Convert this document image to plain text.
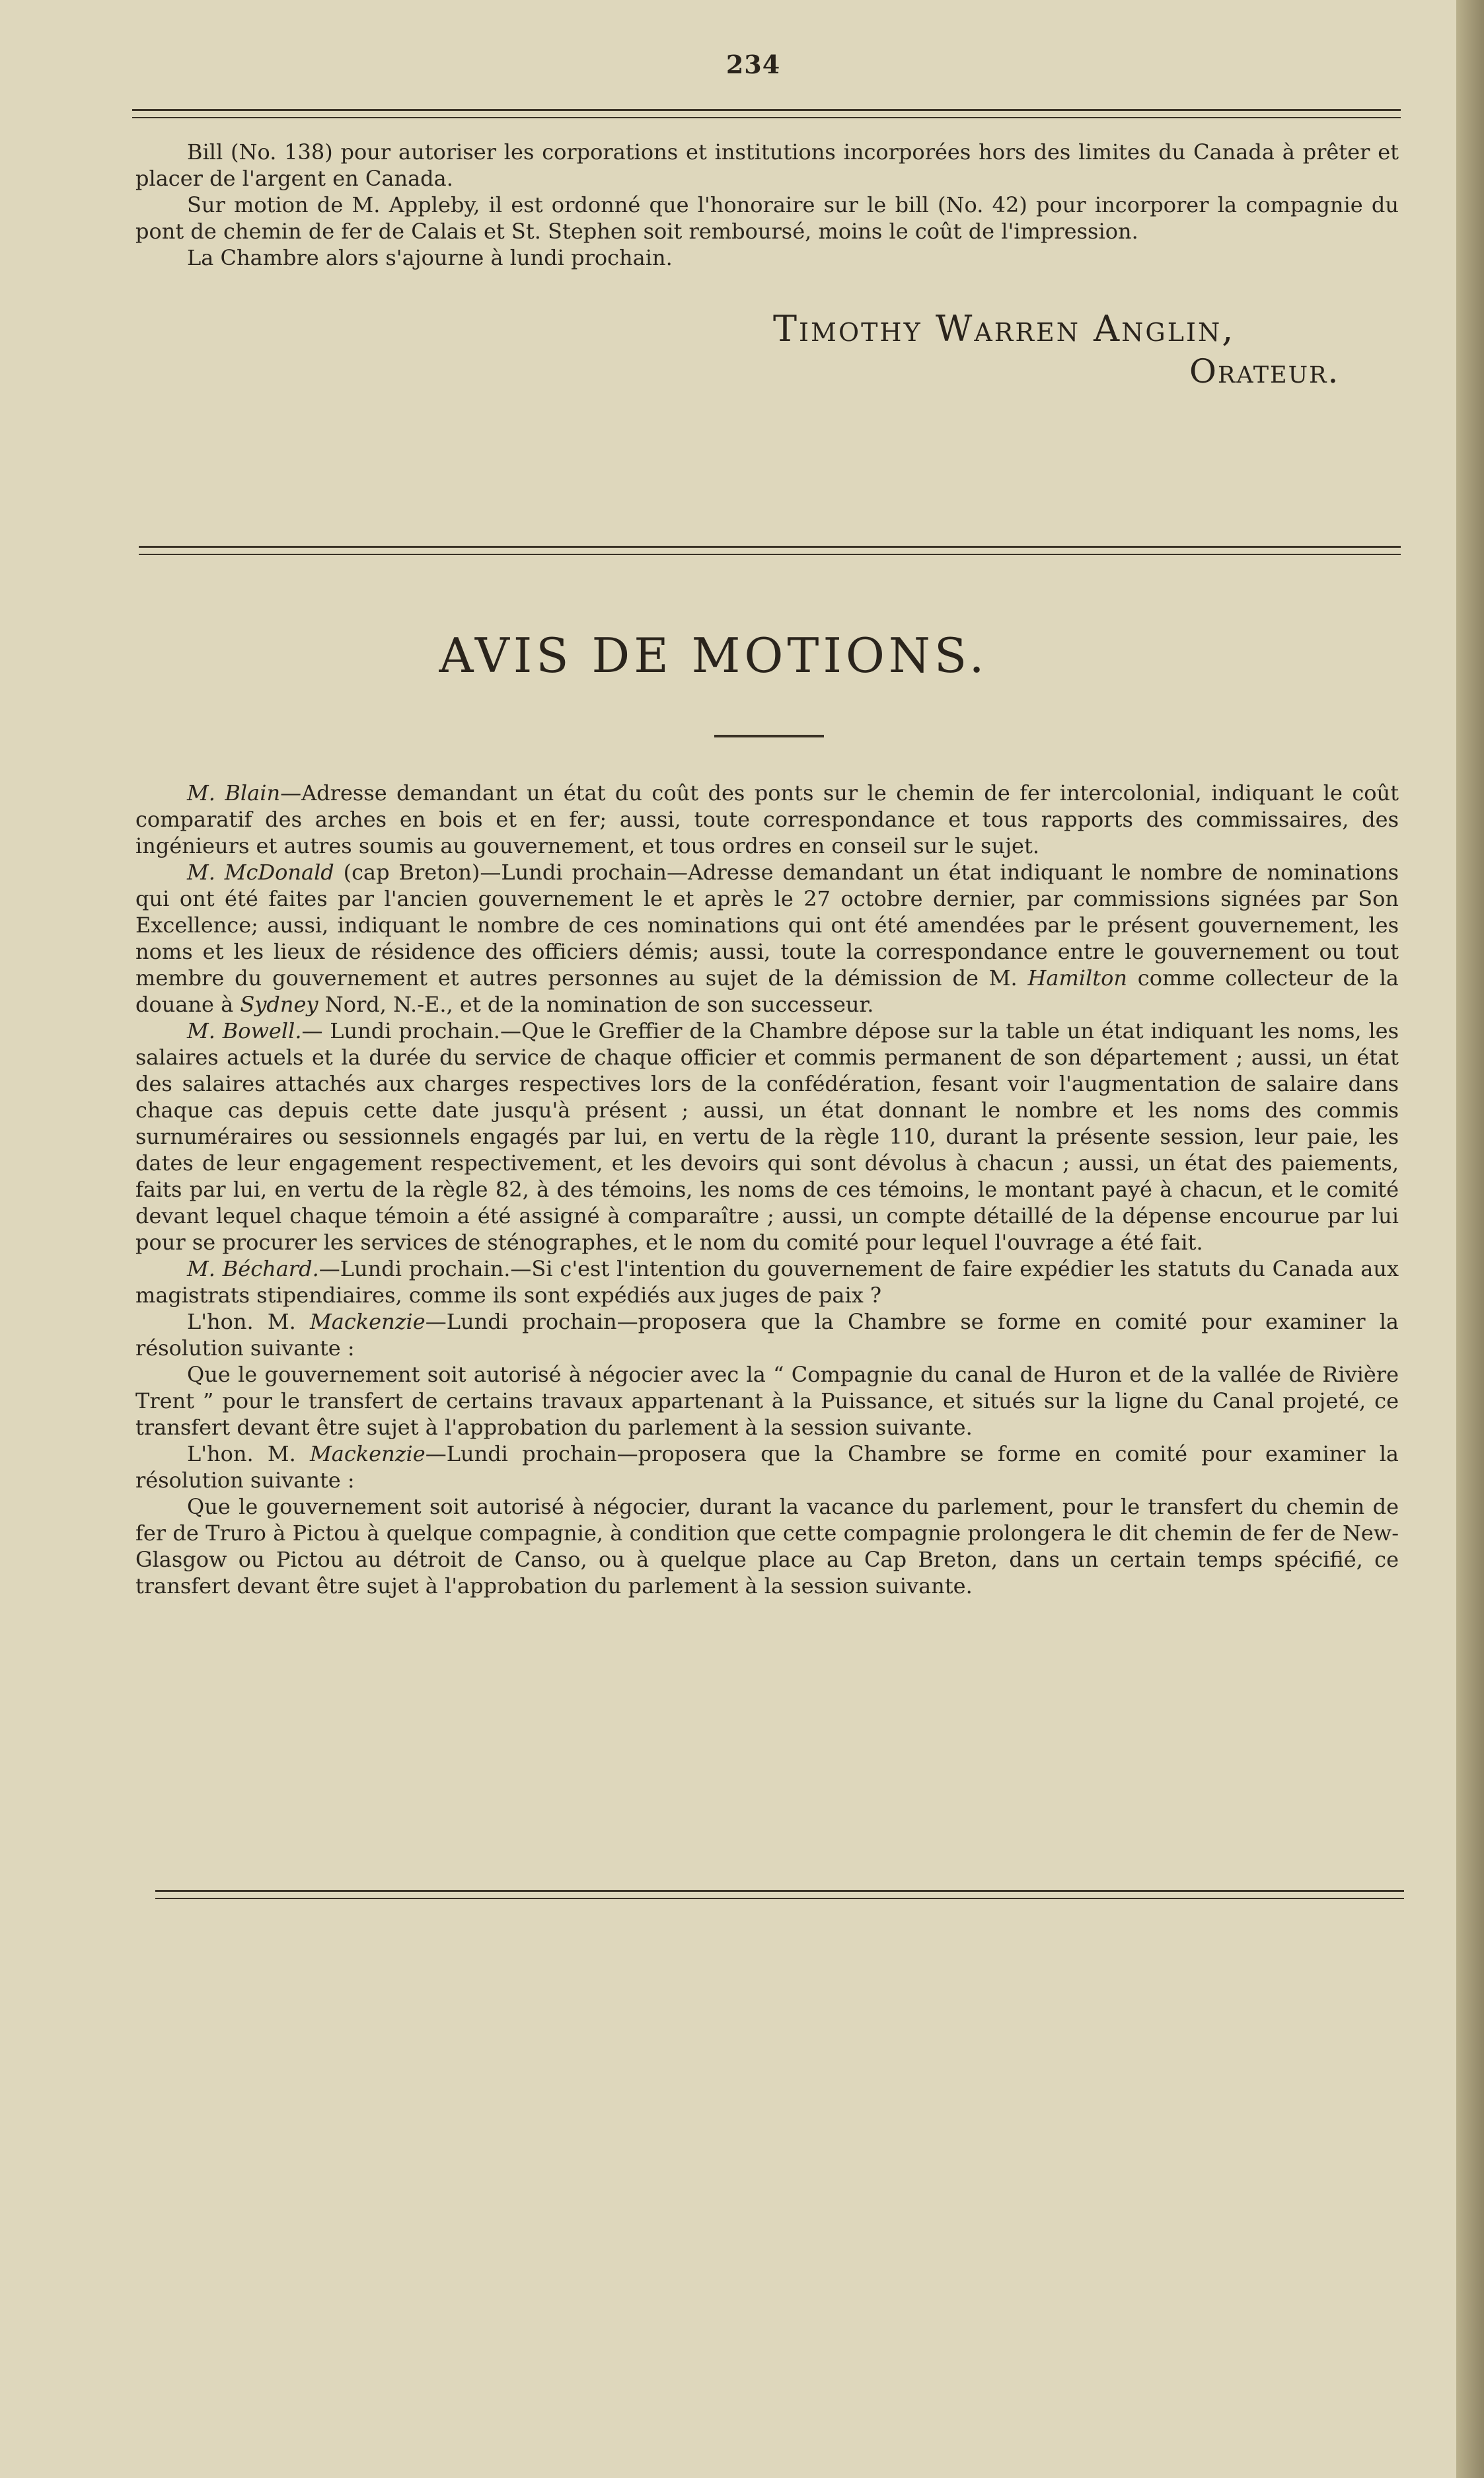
234

Bill (No. 138) pour autoriser les corporations et institutions incorporées hors des limites du Canada à prêter et placer de l'argent en Canada.

Sur motion de M. Appleby, il est ordonné que l'honoraire sur le bill (No. 42) pour incorporer la compagnie du pont de chemin de fer de Calais et St. Stephen soit remboursé, moins le coût de l'impression.

La Chambre alors s'ajourne à lundi prochain.

Timothy Warren Anglin,
Orateur.
AVIS DE MOTIONS.

M. Blain—Adresse demandant un état du coût des ponts sur le chemin de fer intercolonial, indiquant le coût comparatif des arches en bois et en fer; aussi, toute correspondance et tous rapports des commissaires, des ingénieurs et autres soumis au gouvernement, et tous ordres en conseil sur le sujet.

M. McDonald (cap Breton)—Lundi prochain—Adresse demandant un état indiquant le nombre de nominations qui ont été faites par l'ancien gouvernement le et après le 27 octobre dernier, par commissions signées par Son Excellence; aussi, indiquant le nombre de ces nominations qui ont été amendées par le présent gouvernement, les noms et les lieux de résidence des officiers démis; aussi, toute la correspondance entre le gouvernement ou tout membre du gouvernement et autres personnes au sujet de la démission de M. Hamilton comme collecteur de la douane à Sydney Nord, N.-E., et de la nomination de son successeur.

M. Bowell.— Lundi prochain.—Que le Greffier de la Chambre dépose sur la table un état indiquant les noms, les salaires actuels et la durée du service de chaque officier et commis permanent de son département ; aussi, un état des salaires attachés aux charges respectives lors de la confédération, fesant voir l'augmentation de salaire dans chaque cas depuis cette date jusqu'à présent ; aussi, un état donnant le nombre et les noms des commis surnuméraires ou sessionnels engagés par lui, en vertu de la règle 110, durant la présente session, leur paie, les dates de leur engagement respectivement, et les devoirs qui sont dévolus à chacun ; aussi, un état des paiements, faits par lui, en vertu de la règle 82, à des témoins, les noms de ces témoins, le montant payé à chacun, et le comité devant lequel chaque témoin a été assigné à comparaître ; aussi, un compte détaillé de la dépense encourue par lui pour se procurer les services de sténographes, et le nom du comité pour lequel l'ouvrage a été fait.

M. Béchard.—Lundi prochain.—Si c'est l'intention du gouvernement de faire expédier les statuts du Canada aux magistrats stipendiaires, comme ils sont expédiés aux juges de paix ?

L'hon. M. Mackenzie—Lundi prochain—proposera que la Chambre se forme en comité pour examiner la résolution suivante :

Que le gouvernement soit autorisé à négocier avec la “ Compagnie du canal de Huron et de la vallée de Rivière Trent ” pour le transfert de certains travaux appartenant à la Puissance, et situés sur la ligne du Canal projeté, ce transfert devant être sujet à l'approbation du parlement à la session suivante.

L'hon. M. Mackenzie—Lundi prochain—proposera que la Chambre se forme en comité pour examiner la résolution suivante :

Que le gouvernement soit autorisé à négocier, durant la vacance du parlement, pour le transfert du chemin de fer de Truro à Pictou à quelque compagnie, à condition que cette compagnie prolongera le dit chemin de fer de New-Glasgow ou Pictou au détroit de Canso, ou à quelque place au Cap Breton, dans un certain temps spécifié, ce transfert devant être sujet à l'approbation du parlement à la session suivante.
